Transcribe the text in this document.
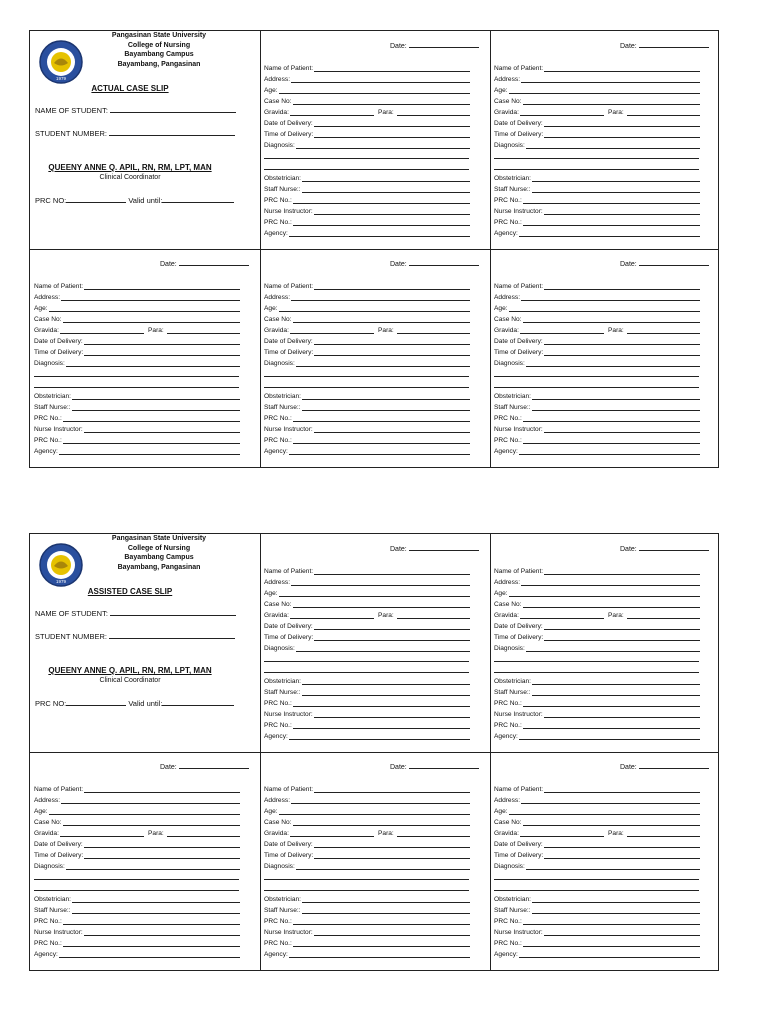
1979
Pangasinan State University
College of Nursing
Bayambang Campus
Bayambang, Pangasinan
ACTUAL CASE SLIP
NAME OF STUDENT:
STUDENT NUMBER:
QUEENY ANNE Q. APIL, RN, RM, LPT, MAN
Clinical Coordinator
PRC NO:	Valid until:
Date:
Name of Patient:
Address:
Age:
Case No:
Gravida:	Para:
Date of Delivery:
Time of Delivery:
Diagnosis:
Obstetrician:
Staff Nurse::
PRC No.:
Nurse Instructor:
PRC No.:
Agency:
Date:
Name of Patient:
Address:
Age:
Case No:
Gravida:	Para:
Date of Delivery:
Time of Delivery:
Diagnosis:
Obstetrician:
Staff Nurse::
PRC No.:
Nurse Instructor:
PRC No.:
Agency:
Date:
Name of Patient:
Address:
Age:
Case No:
Gravida:	Para:
Date of Delivery:
Time of Delivery:
Diagnosis:
Obstetrician:
Staff Nurse::
PRC No.:
Nurse Instructor:
PRC No.:
Agency:
Date:
Name of Patient:
Address:
Age:
Case No:
Gravida:	Para:
Date of Delivery:
Time of Delivery:
Diagnosis:
Obstetrician:
Staff Nurse::
PRC No.:
Nurse Instructor:
PRC No.:
Agency:
Date:
Name of Patient:
Address:
Age:
Case No:
Gravida:	Para:
Date of Delivery:
Time of Delivery:
Diagnosis:
Obstetrician:
Staff Nurse::
PRC No.:
Nurse Instructor:
PRC No.:
Agency:
1979
Pangasinan State University
College of Nursing
Bayambang Campus
Bayambang, Pangasinan
ASSISTED CASE SLIP
NAME OF STUDENT:
STUDENT NUMBER:
QUEENY ANNE Q. APIL, RN, RM, LPT, MAN
Clinical Coordinator
PRC NO:	Valid until:
Date:
Name of Patient:
Address:
Age:
Case No:
Gravida:	Para:
Date of Delivery:
Time of Delivery:
Diagnosis:
Obstetrician:
Staff Nurse::
PRC No.:
Nurse Instructor:
PRC No.:
Agency:
Date:
Name of Patient:
Address:
Age:
Case No:
Gravida:	Para:
Date of Delivery:
Time of Delivery:
Diagnosis:
Obstetrician:
Staff Nurse::
PRC No.:
Nurse Instructor:
PRC No.:
Agency:
Date:
Name of Patient:
Address:
Age:
Case No:
Gravida:	Para:
Date of Delivery:
Time of Delivery:
Diagnosis:
Obstetrician:
Staff Nurse::
PRC No.:
Nurse Instructor:
PRC No.:
Agency:
Date:
Name of Patient:
Address:
Age:
Case No:
Gravida:	Para:
Date of Delivery:
Time of Delivery:
Diagnosis:
Obstetrician:
Staff Nurse::
PRC No.:
Nurse Instructor:
PRC No.:
Agency:
Date:
Name of Patient:
Address:
Age:
Case No:
Gravida:	Para:
Date of Delivery:
Time of Delivery:
Diagnosis:
Obstetrician:
Staff Nurse::
PRC No.:
Nurse Instructor:
PRC No.:
Agency:
